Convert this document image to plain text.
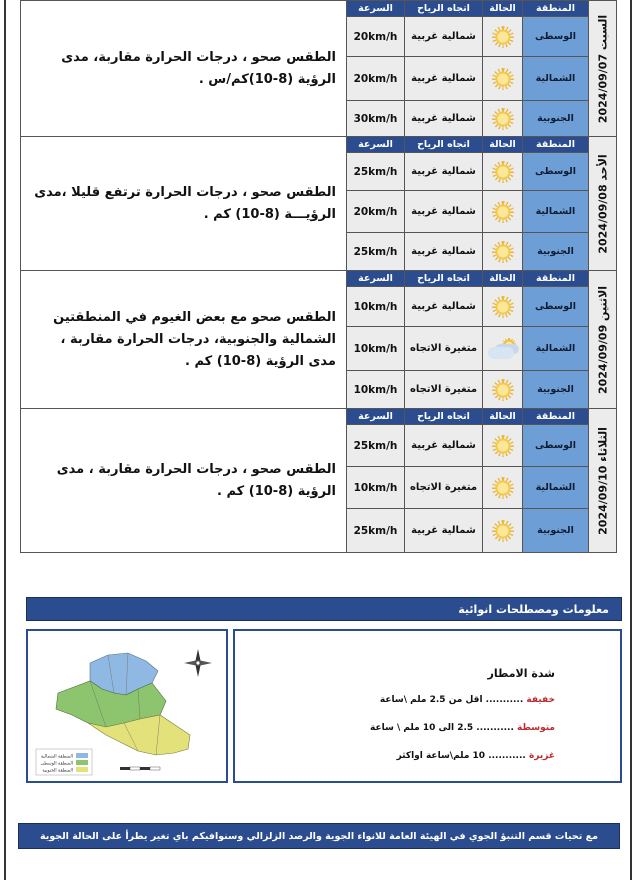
الطقس صحو ، درجات الحرارة مقاربة، مدى الرؤية (8-10)كم/س .	السرعة	اتجاه الرياح	الحالة	المنطقة	السبت 2024/09/07

	20km/h	شمالية غربية		الوسطى	
	20km/h	شمالية غربية		الشمالية	
	30km/h	شمالية غربية		الجنوبية	
الطقس صحو ، درجات الحرارة ترتفع قليلا ،مدى الرؤيـــة (8-10) كم .	السرعة	اتجاه الرياح	الحالة	المنطقة	الأحد 2024/09/08

	25km/h	شمالية غربية		الوسطى	
	20km/h	شمالية غربية		الشمالية	
	25km/h	شمالية غربية		الجنوبية	
الطقس صحو مع بعض الغيوم في المنطقتين الشمالية والجنوبية، درجات الحرارة مقاربة ، مدى الرؤية (8-10) كم .	السرعة	اتجاه الرياح	الحالة	المنطقة	الاثنين 2024/09/09

	10km/h	شمالية غربية		الوسطى	
	10km/h	متغيرة الاتجاه		الشمالية	
	10km/h	متغيرة الاتجاه		الجنوبية	
الطقس صحو ، درجات الحرارة مقاربة ، مدى الرؤية (8-10) كم .	السرعة	اتجاه الرياح	الحالة	المنطقة	الثلاثاء 2024/09/10

	25km/h	شمالية غربية		الوسطى	
	10km/h	متغيرة الاتجاه		الشمالية	
	25km/h	شمالية غربية		الجنوبية	
معلومات ومصطلحات انوائية
المنطقة الشمالية
المنطقة الوسطى
المنطقة الجنوبية
شدة الامطار
خفيفة ........... اقل من 2.5 ملم \ساعة
متوسطة ........... 2.5 الى 10 ملم \ ساعة
غزيرة ........... 10 ملم\ساعة اواكثر
مع تحيات قسم التنبؤ الجوي في الهيئة العامة للانواء الجوية والرصد الزلزالي وسنوافيكم باي تغير يطرأ على الحالة الجوية
